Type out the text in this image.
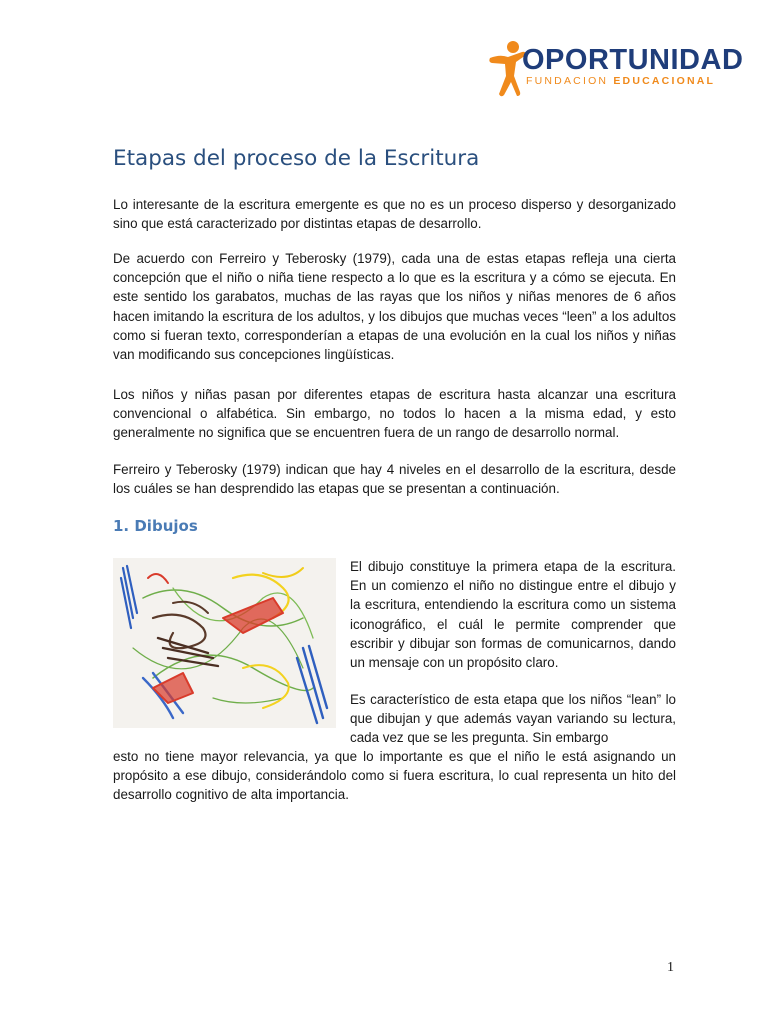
OPORTUNIDAD
FUNDACION EDUCACIONAL
Etapas del proceso de la Escritura

Lo interesante de la escritura emergente es que no es un proceso disperso y desorganizado sino que está caracterizado por distintas etapas de desarrollo.

De acuerdo con Ferreiro y Teberosky (1979), cada una de estas etapas refleja una cierta concepción que el niño o niña tiene respecto a lo que es la escritura y a cómo se ejecuta. En este sentido los garabatos, muchas de las rayas que los niños y niñas menores de 6 años hacen imitando la escritura de los adultos, y los dibujos que muchas veces “leen” a los adultos como si fueran texto, corresponderían a etapas de una evolución en la cual los niños y niñas van modificando sus concepciones lingüísticas.

Los niños y niñas pasan por diferentes etapas de escritura hasta alcanzar una escritura convencional o alfabética. Sin embargo, no todos lo hacen a la misma edad, y esto generalmente no significa que se encuentren fuera de un rango de desarrollo normal.

Ferreiro y Teberosky (1979) indican que hay 4 niveles en el desarrollo de la escritura, desde los cuáles se han desprendido las etapas que se presentan a continuación.

1. Dibujos

El dibujo constituye la primera etapa de la escritura. En un comienzo el niño no distingue entre el dibujo y la escritura, entendiendo la escritura como un sistema iconográfico, el cuál le permite comprender que escribir y dibujar son formas de comunicarnos, dando un mensaje con un propósito claro.

Es característico de esta etapa que los niños “lean” lo que dibujan y que además vayan variando su lectura, cada vez que se les pregunta. Sin embargo

esto no tiene mayor relevancia, ya que lo importante es que el niño le está asignando un propósito a ese dibujo, considerándolo como si fuera escritura, lo cual representa un hito del desarrollo cognitivo de alta importancia.

1
